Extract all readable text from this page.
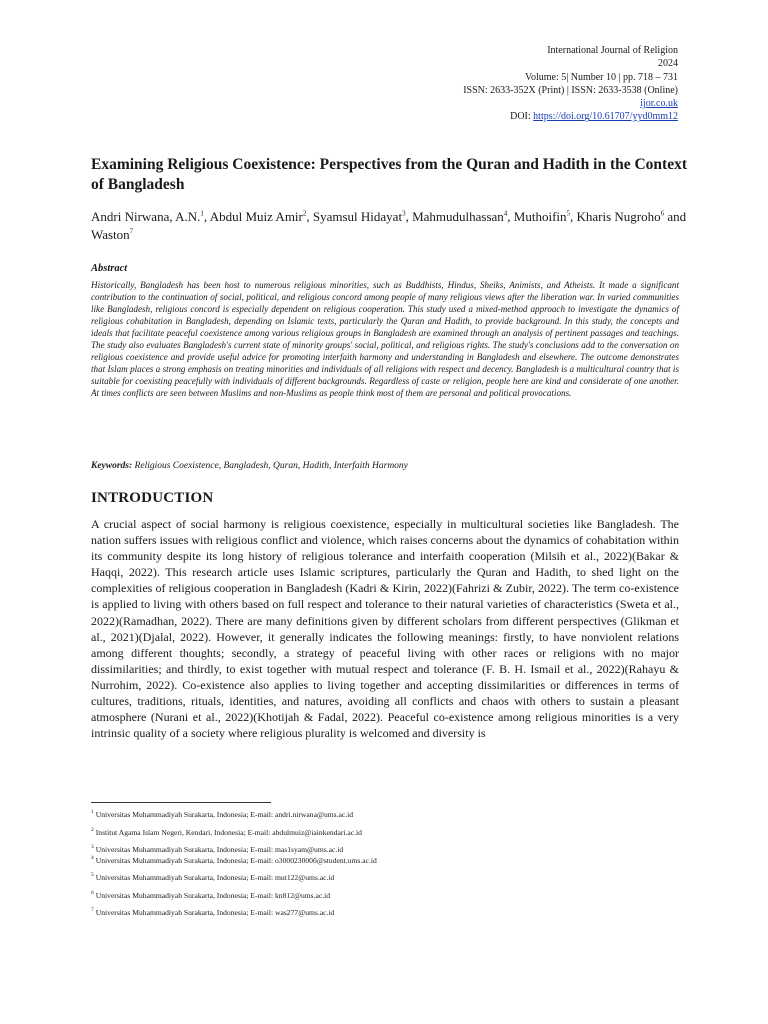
International Journal of Religion
2024
Volume: 5| Number 10 | pp. 718 – 731
ISSN: 2633-352X (Print) | ISSN: 2633-3538 (Online)
ijor.co.uk
DOI: https://doi.org/10.61707/yyd0mm12
Examining Religious Coexistence: Perspectives from the Quran and Hadith in the Context of Bangladesh
Andri Nirwana, A.N.$^1$, Abdul Muiz Amir$^2$, Syamsul Hidayat$^3$, Mahmudulhassan$^4$, Muthoifin$^5$, Kharis Nugroho$^6$ and Waston$^7$
Abstract

Historically, Bangladesh has been host to numerous religious minorities, such as Buddhists, Hindus, Sheiks, Animists, and Atheists. It made a significant contribution to the continuation of social, political, and religious concord among people of many religious views after the liberation war. In varied communities like Bangladesh, religious concord is especially dependent on religious cooperation. This study used a mixed-method approach to investigate the dynamics of religious cohabitation in Bangladesh, depending on Islamic texts, particularly the Quran and Hadith, to provide background. In this study, the concepts and ideals that facilitate peaceful coexistence among various religious groups in Bangladesh are examined through an analysis of pertinent passages and teachings. The study also evaluates Bangladesh's current state of minority groups' social, political, and religious rights. The study's conclusions add to the conversation on religious coexistence and provide useful advice for promoting interfaith harmony and understanding in Bangladesh and elsewhere. The outcome demonstrates that Islam places a strong emphasis on treating minorities and individuals of all religions with respect and decency. Bangladesh is a multicultural country that is suitable for coexisting peacefully with individuals of different backgrounds. Regardless of caste or religion, people here are kind and considerate of one another. At times conflicts are seen between Muslims and non-Muslims as people think most of them are personal and political provocations.

Keywords: Religious Coexistence, Bangladesh, Quran, Hadith, Interfaith Harmony
INTRODUCTION

A crucial aspect of social harmony is religious coexistence, especially in multicultural societies like Bangladesh. The nation suffers issues with religious conflict and violence, which raises concerns about the dynamics of cohabitation within its community despite its long history of religious tolerance and interfaith cooperation (Milsih et al., 2022)(Bakar & Haqqi, 2022). This research article uses Islamic scriptures, particularly the Quran and Hadith, to shed light on the complexities of religious cooperation in Bangladesh (Kadri & Kirin, 2022)(Fahrizi & Zubir, 2022). The term co-existence is applied to living with others based on full respect and tolerance to their natural varieties of characteristics (Sweta et al., 2022)(Ramadhan, 2022). There are many definitions given by different scholars from different perspectives (Glikman et al., 2021)(Djalal, 2022). However, it generally indicates the following meanings: firstly, to have nonviolent relations among different thoughts; secondly, a strategy of peaceful living with other races or religions with no major dissimilarities; and thirdly, to exist together with mutual respect and tolerance (F. B. H. Ismail et al., 2022)(Rahayu & Nurrohim, 2022). Co-existence also applies to living together and accepting dissimilarities or differences in terms of cultures, traditions, rituals, identities, and natures, avoiding all conflicts and chaos with others to sustain a pleasant atmosphere (Nurani et al., 2022)(Khotijah & Fadal, 2022). Peaceful co-existence among religious minorities is a very intrinsic quality of a society where religious plurality is welcomed and diversity is

$^1$ Universitas Muhammadiyah Surakarta, Indonesia; E-mail: andri.nirwana@ums.ac.id
$^2$ Institut Agama Islam Negeri, Kendari, Indonesia; E-mail: abdulmuiz@iainkendari.ac.id
$^3$ Universitas Muhammadiyah Surakarta, Indonesia; E-mail: mas1syam@ums.ac.id
$^4$ Universitas Muhammadiyah Surakarta, Indonesia; E-mail: o300023000б@student.ums.ac.id
$^5$ Universitas Muhammadiyah Surakarta, Indonesia; E-mail: mut122@ums.ac.id
$^6$ Universitas Muhammadiyah Surakarta, Indonesia; E-mail: kn812@ums.ac.id
$^7$ Universitas Muhammadiyah Surakarta, Indonesia; E-mail: was277@ums.ac.id
